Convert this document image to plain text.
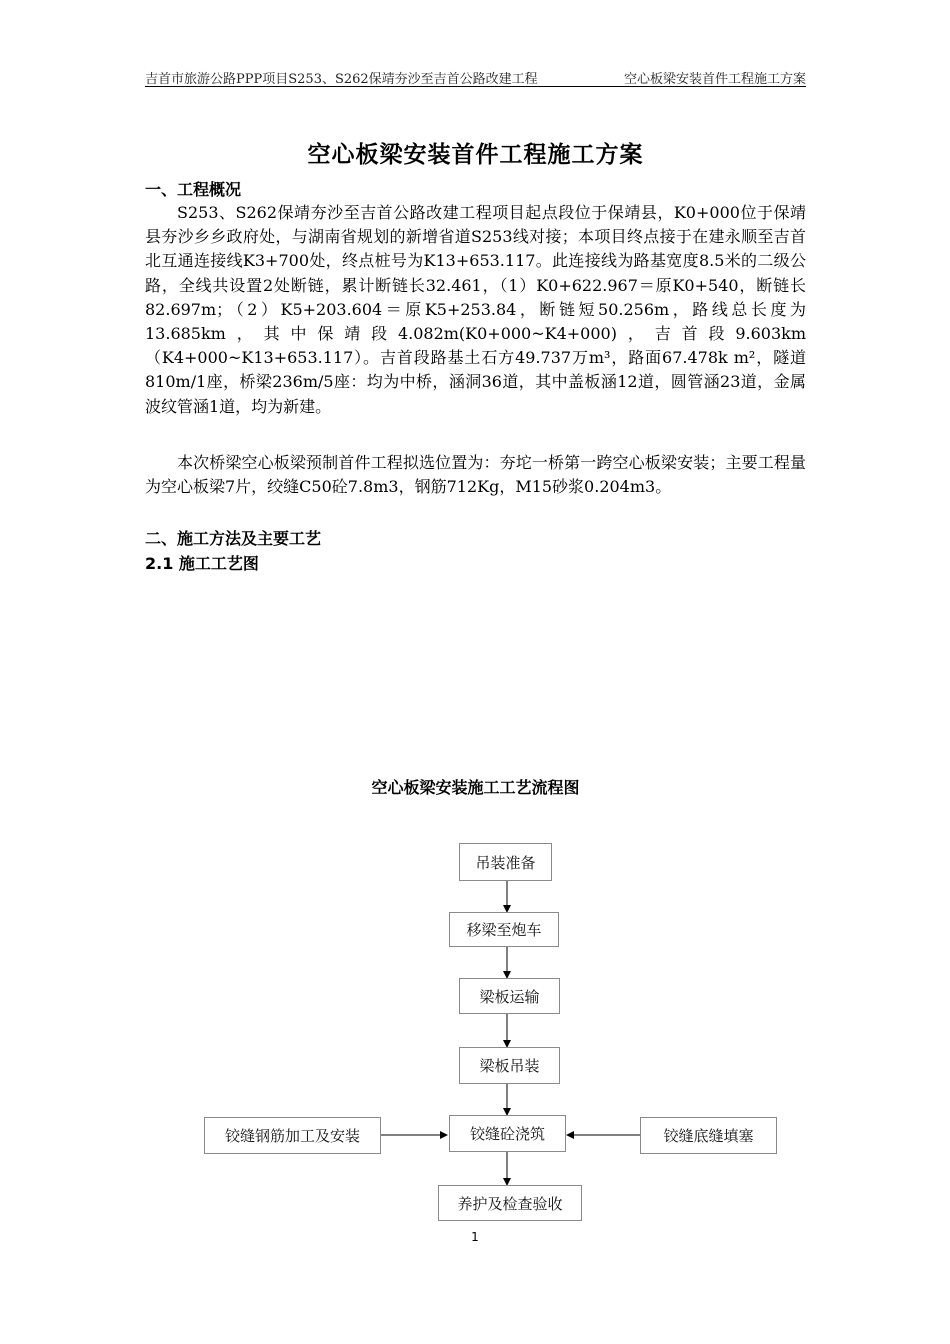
吉首市旅游公路PPP项目S253、S262保靖夯沙至吉首公路改建工程	空心板梁安装首件工程施工方案
空心板梁安装首件工程施工方案
一、工程概况
S253、S262保靖夯沙至吉首公路改建工程项目起点段位于保靖县，K0+000位于保靖县夯沙乡乡政府处，与湖南省规划的新增省道S253线对接；本项目终点接于在建永顺至吉首北互通连接线K3+700处，终点桩号为K13+653.117。此连接线为路基宽度8.5米的二级公路，全线共设置2处断链，累计断链长32.461，（1）K0+622.967＝原K0+540，断链长82.697m；（2）K5+203.604＝原K5+253.84，断链短50.256m，路线总长度为13.685km，其中保靖段4.082m(K0+000~K4+000)，吉首段9.603km（K4+000~K13+653.117）。吉首段路基土石方49.737万m³，路面67.478k m²，隧道810m/1座，桥梁236m/5座：均为中桥，涵洞36道，其中盖板涵12道，圆管涵23道，金属波纹管涵1道，均为新建。
本次桥梁空心板梁预制首件工程拟选位置为：夯坨一桥第一跨空心板梁安装；主要工程量为空心板梁7片，绞缝C50砼7.8m3，钢筋712Kg，M15砂浆0.204m3。
二、施工方法及主要工艺
2.1 施工工艺图
空心板梁安装施工工艺流程图
吊装准备
移梁至炮车
梁板运输
梁板吊装
铰缝砼浇筑
养护及检查验收
铰缝钢筋加工及安装	铰缝底缝填塞
1
